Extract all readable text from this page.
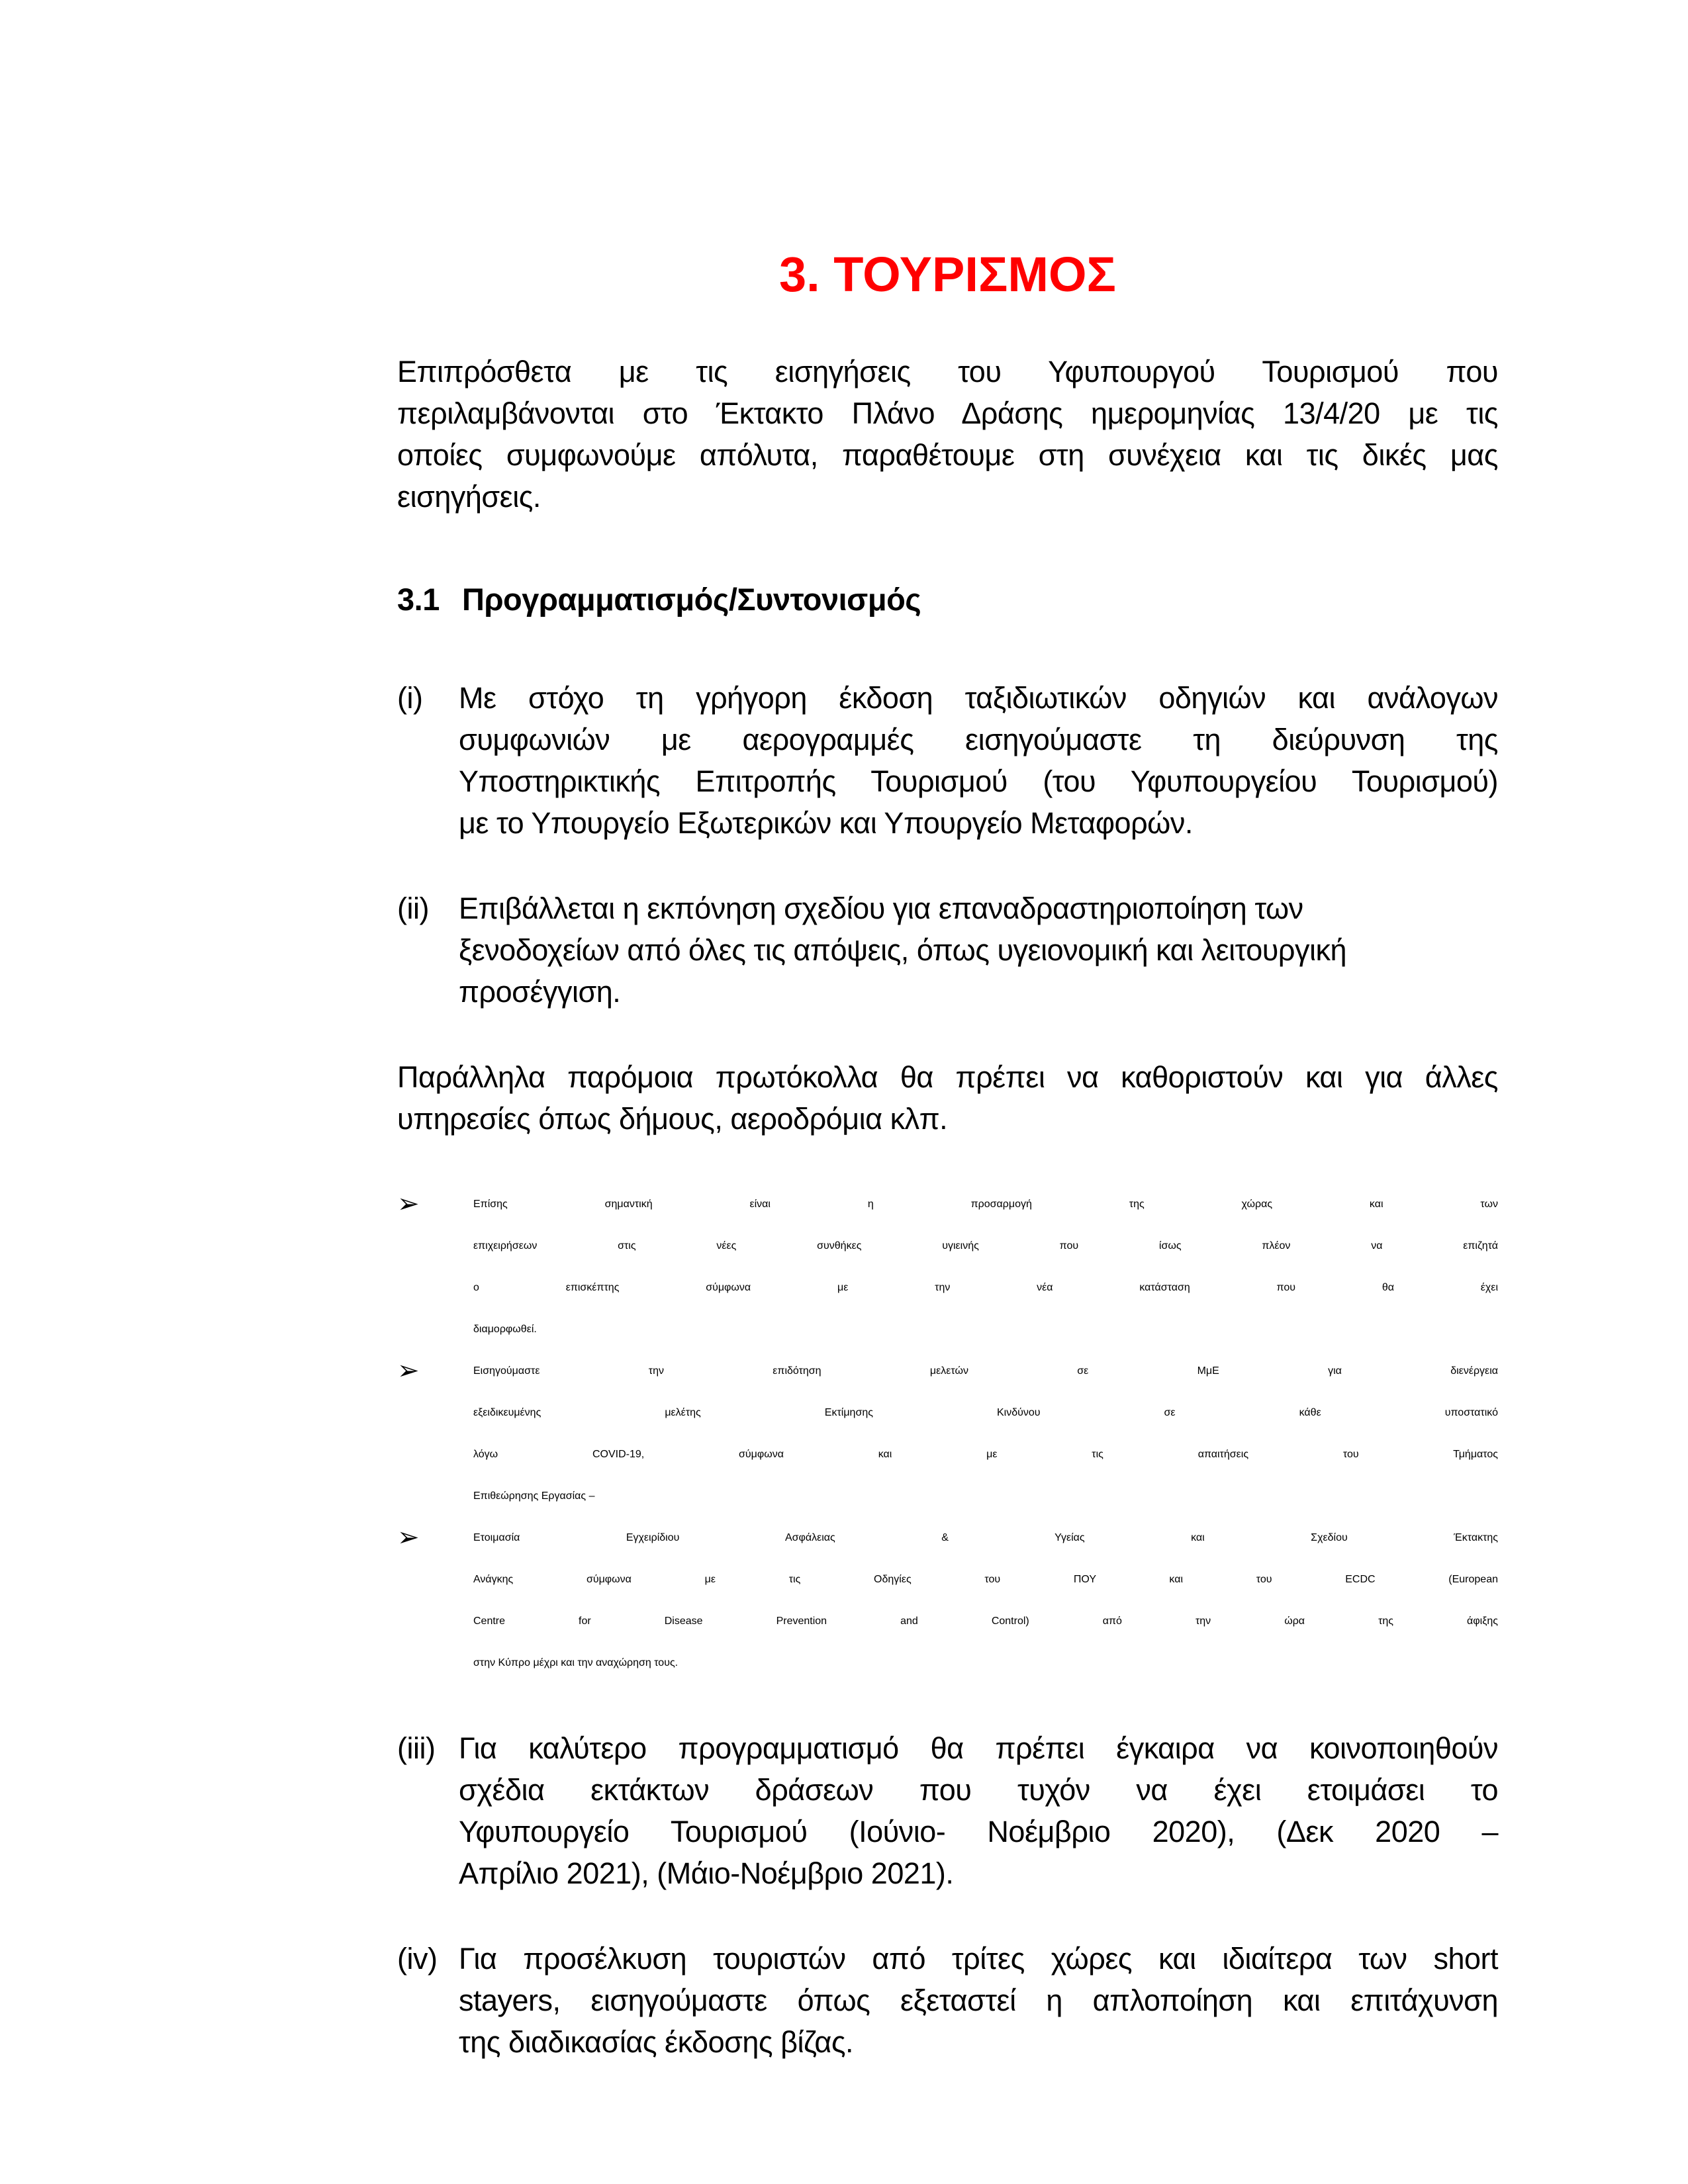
3. ΤΟΥΡΙΣΜΟΣ
Επιπρόσθετα με τις εισηγήσεις του Υφυπουργού Τουρισμού που
περιλαμβάνονται στο Έκτακτο Πλάνο Δράσης ημερομηνίας 13/4/20 με τις
οποίες συμφωνούμε απόλυτα, παραθέτουμε στη συνέχεια και τις δικές μας
εισηγήσεις.
3.1 Προγραμματισμός/Συντονισμός
(i)	Με στόχο τη γρήγορη έκδοση ταξιδιωτικών οδηγιών και ανάλογων
συμφωνιών με αερογραμμές εισηγούμαστε τη διεύρυνση της
Υποστηρικτικής Επιτροπής Τουρισμού (του Υφυπουργείου Τουρισμού)
με το Υπουργείο Εξωτερικών και Υπουργείο Μεταφορών.
(ii)	Επιβάλλεται η εκπόνηση σχεδίου για επαναδραστηριοποίηση των
ξενοδοχείων από όλες τις απόψεις, όπως υγειονομική και λειτουργική
προσέγγιση.
Παράλληλα παρόμοια πρωτόκολλα θα πρέπει να καθοριστούν και για άλλες
υπηρεσίες όπως δήμους, αεροδρόμια κλπ.
➢	Επίσης σημαντική είναι η προσαρμογή της χώρας και των
επιχειρήσεων στις νέες συνθήκες υγιεινής που ίσως πλέον να επιζητά
ο επισκέπτης σύμφωνα με την νέα κατάσταση που θα έχει
διαμορφωθεί.
➢	Εισηγούμαστε την επιδότηση μελετών σε ΜμΕ για διενέργεια
εξειδικευμένης μελέτης Εκτίμησης Κινδύνου σε κάθε υποστατικό
λόγω COVID-19, σύμφωνα και με τις απαιτήσεις του Τμήματος
Επιθεώρησης Εργασίας –
➢	Ετοιμασία Εγχειρίδιου Ασφάλειας & Υγείας και Σχεδίου Έκτακτης
Ανάγκης σύμφωνα με τις Οδηγίες του ΠΟΥ και του ECDC (European
Centre for Disease Prevention and Control) από την ώρα της άφιξης
στην Κύπρο μέχρι και την αναχώρηση τους.
(iii) Για καλύτερο προγραμματισμό θα πρέπει έγκαιρα να κοινοποιηθούν
σχέδια εκτάκτων δράσεων που τυχόν να έχει ετοιμάσει το
Υφυπουργείο Τουρισμού (Ιούνιο- Νοέμβριο 2020), (Δεκ 2020 –
Απρίλιο 2021), (Μάιο-Νοέμβριο 2021).
(iv) Για προσέλκυση τουριστών από τρίτες χώρες και ιδιαίτερα των short
stayers, εισηγούμαστε όπως εξεταστεί η απλοποίηση και επιτάχυνση
της διαδικασίας έκδοσης βίζας.
